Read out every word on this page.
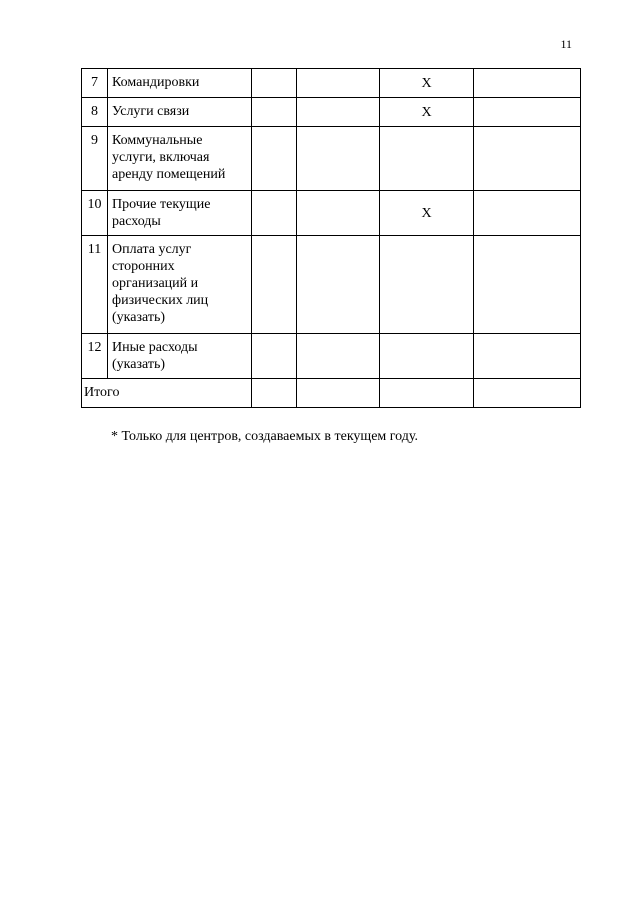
11
7	Командировки			X	
8	Услуги связи			X	
9	Коммунальные услуги, включая аренду помещений				
10	Прочие текущие расходы			X	
11	Оплата услуг сторонних организаций и физических лиц (указать)				
12	Иные расходы (указать)				
Итого					
* Только для центров, создаваемых в текущем году.
